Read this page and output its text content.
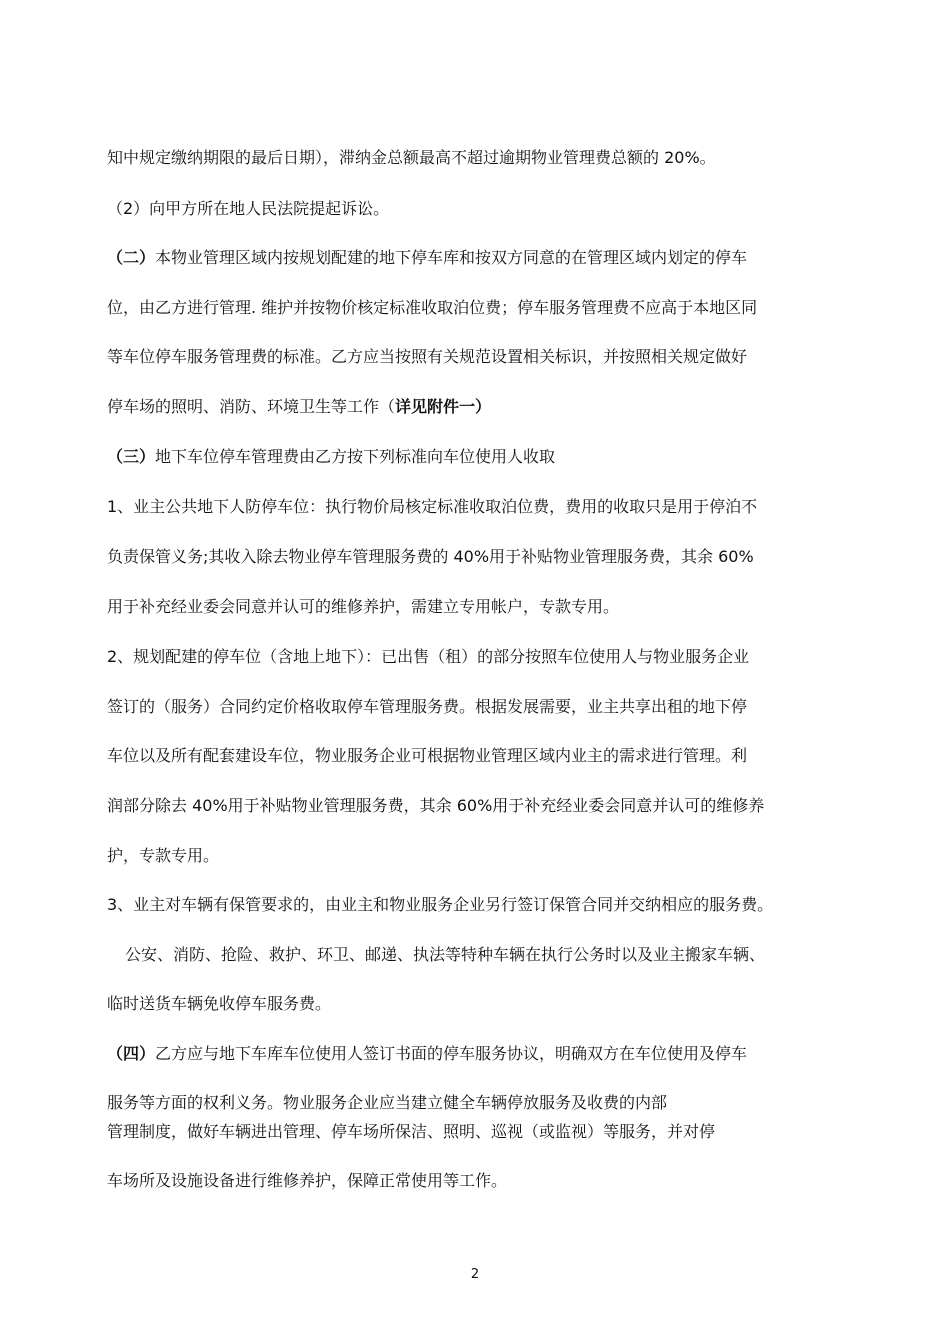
知中规定缴纳期限的最后日期），滞纳金总额最高不超过逾期物业管理费总额的 20%。
（2）向甲方所在地人民法院提起诉讼。
（二）本物业管理区域内按规划配建的地下停车库和按双方同意的在管理区域内划定的停车
位，由乙方进行管理. 维护并按物价核定标准收取泊位费；停车服务管理费不应高于本地区同
等车位停车服务管理费的标准。乙方应当按照有关规范设置相关标识，并按照相关规定做好
停车场的照明、消防、环境卫生等工作（详见附件一）
（三）地下车位停车管理费由乙方按下列标准向车位使用人收取
1、业主公共地下人防停车位：执行物价局核定标准收取泊位费，费用的收取只是用于停泊不
负责保管义务;其收入除去物业停车管理服务费的 40%用于补贴物业管理服务费，其余 60%
用于补充经业委会同意并认可的维修养护，需建立专用帐户，专款专用。
2、规划配建的停车位（含地上地下）：已出售（租）的部分按照车位使用人与物业服务企业
签订的（服务）合同约定价格收取停车管理服务费。根据发展需要，业主共享出租的地下停
车位以及所有配套建设车位，物业服务企业可根据物业管理区域内业主的需求进行管理。利
润部分除去 40%用于补贴物业管理服务费，其余 60%用于补充经业委会同意并认可的维修养
护，专款专用。
3、业主对车辆有保管要求的，由业主和物业服务企业另行签订保管合同并交纳相应的服务费。
公安、消防、抢险、救护、环卫、邮递、执法等特种车辆在执行公务时以及业主搬家车辆、
临时送货车辆免收停车服务费。
（四）乙方应与地下车库车位使用人签订书面的停车服务协议，明确双方在车位使用及停车
服务等方面的权利义务。物业服务企业应当建立健全车辆停放服务及收费的内部
管理制度，做好车辆进出管理、停车场所保洁、照明、巡视（或监视）等服务，并对停
车场所及设施设备进行维修养护，保障正常使用等工作。
2
